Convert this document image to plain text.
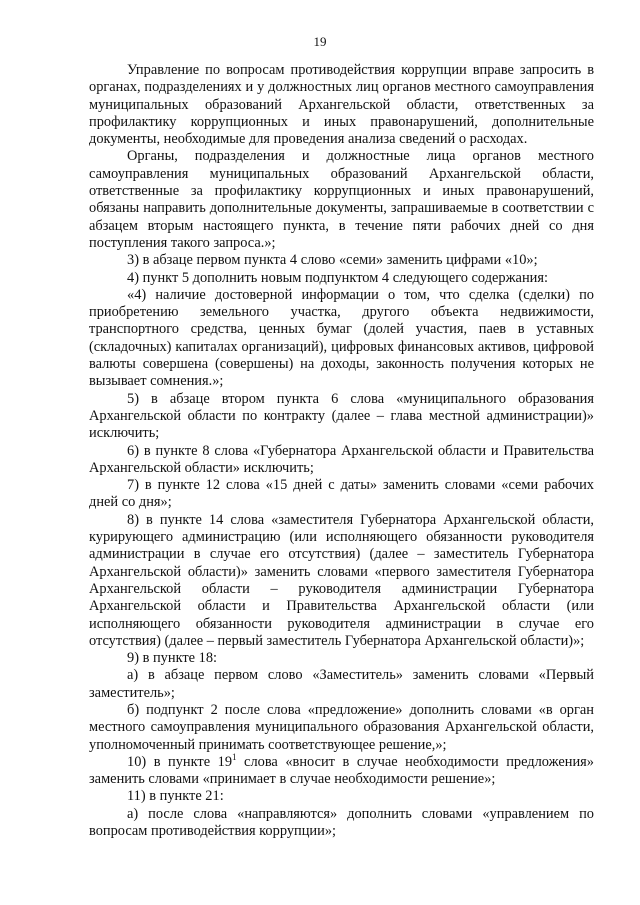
19

Управление по вопросам противодействия коррупции вправе запросить в органах, подразделениях и у должностных лиц органов местного самоуправления муниципальных образований Архангельской области, ответственных за профилактику коррупционных и иных правонарушений, дополнительные документы, необходимые для проведения анализа сведений о расходах.

Органы, подразделения и должностные лица органов местного самоуправления муниципальных образований Архангельской области, ответственные за профилактику коррупционных и иных правонарушений, обязаны направить дополнительные документы, запрашиваемые в соответствии с абзацем вторым настоящего пункта, в течение пяти рабочих дней со дня поступления такого запроса.»;

3) в абзаце первом пункта 4 слово «семи» заменить цифрами «10»;

4) пункт 5 дополнить новым подпунктом 4 следующего содержания:

«4) наличие достоверной информации о том, что сделка (сделки) по приобретению земельного участка, другого объекта недвижимости, транспортного средства, ценных бумаг (долей участия, паев в уставных (складочных) капиталах организаций), цифровых финансовых активов, цифровой валюты совершена (совершены) на доходы, законность получения которых не вызывает сомнения.»;

5) в абзаце втором пункта 6 слова «муниципального образования Архангельской области по контракту (далее – глава местной администрации)» исключить;

6) в пункте 8 слова «Губернатора Архангельской области и Правительства Архангельской области» исключить;

7) в пункте 12 слова «15 дней с даты» заменить словами «семи рабочих дней со дня»;

8) в пункте 14 слова «заместителя Губернатора Архангельской области, курирующего администрацию (или исполняющего обязанности руководителя администрации в случае его отсутствия) (далее – заместитель Губернатора Архангельской области)» заменить словами «первого заместителя Губернатора Архангельской области – руководителя администрации Губернатора Архангельской области и Правительства Архангельской области (или исполняющего обязанности руководителя администрации в случае его отсутствия) (далее – первый заместитель Губернатора Архангельской области)»;

9) в пункте 18:

а) в абзаце первом слово «Заместитель» заменить словами «Первый заместитель»;

б) подпункт 2 после слова «предложение» дополнить словами «в орган местного самоуправления муниципального образования Архангельской области, уполномоченный принимать соответствующее решение,»;

10) в пункте $19^1$ слова «вносит в случае необходимости предложения» заменить словами «принимает в случае необходимости решение»;

11) в пункте 21:

а) после слова «направляются» дополнить словами «управлением по вопросам противодействия коррупции»;
